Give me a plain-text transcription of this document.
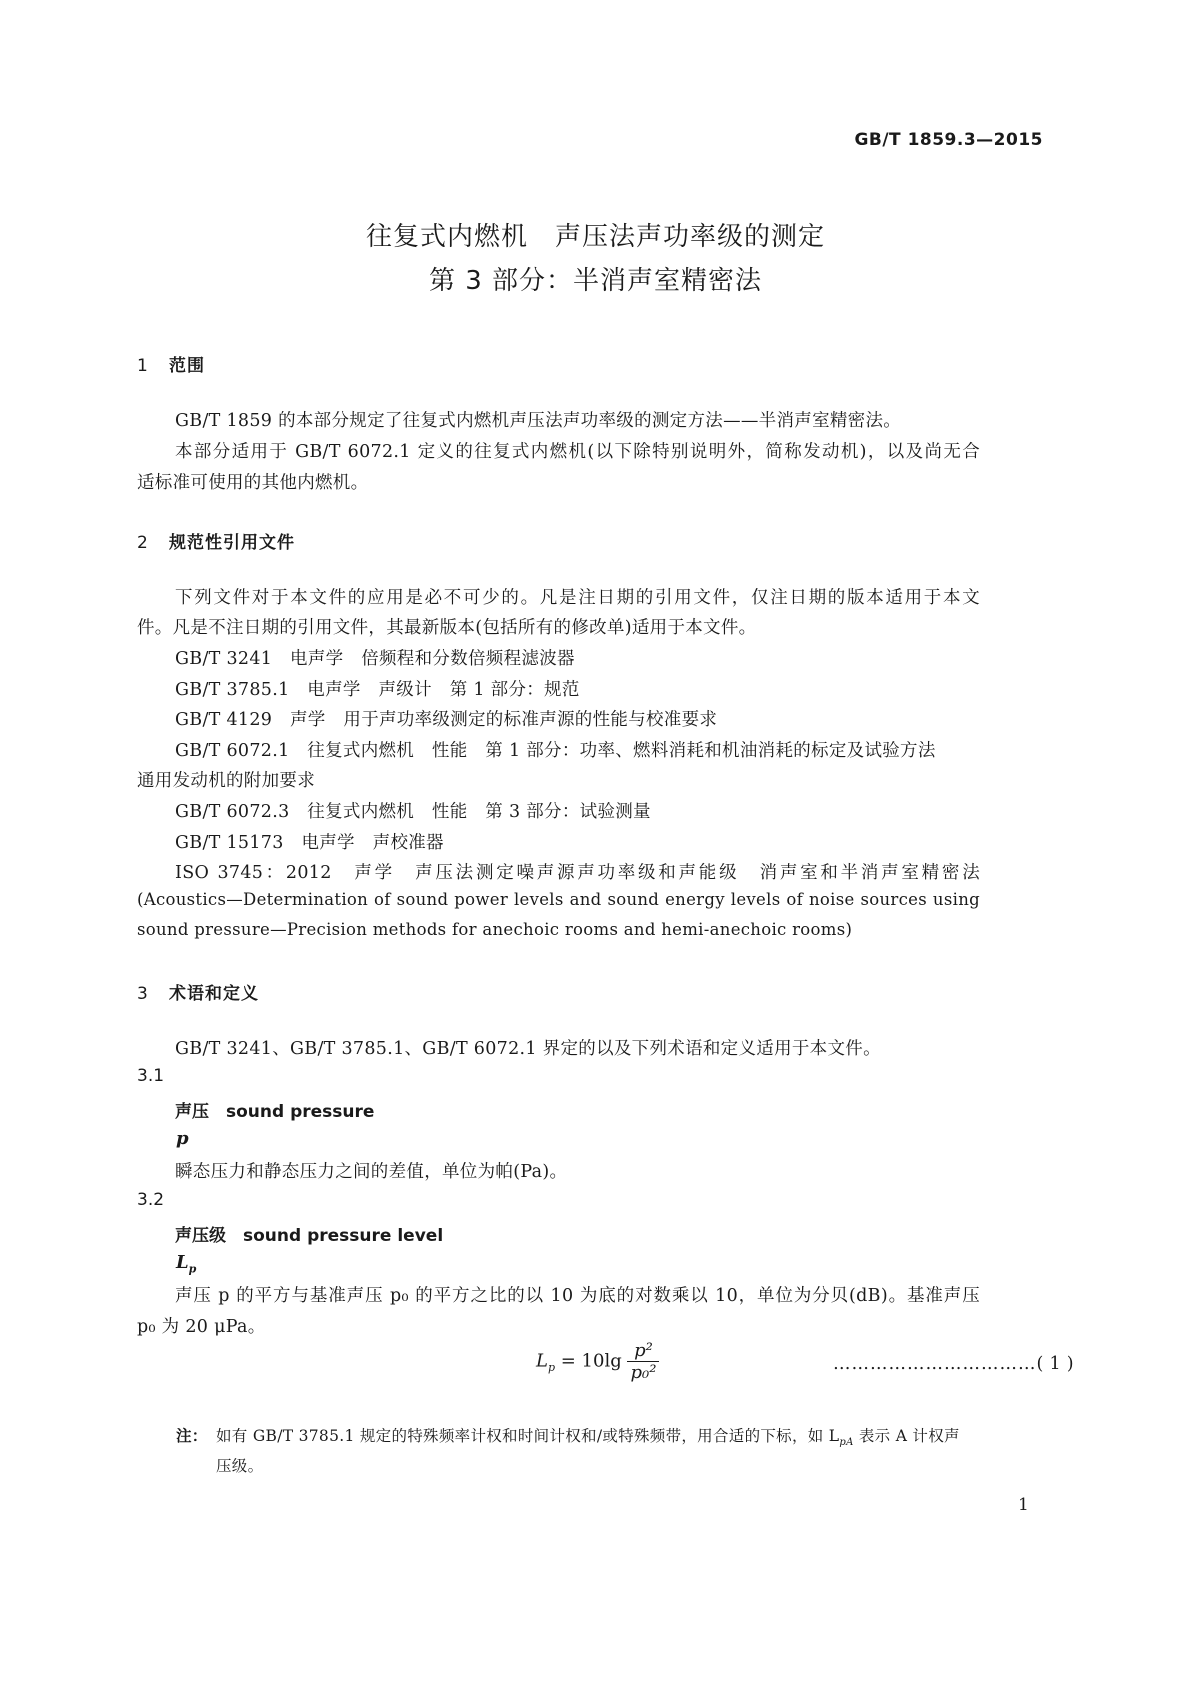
GB/T 1859.3—2015
往复式内燃机　声压法声功率级的测定
第 3 部分：半消声室精密法
1 范围
GB/T 1859 的本部分规定了往复式内燃机声压法声功率级的测定方法——半消声室精密法。
本部分适用于 GB/T 6072.1 定义的往复式内燃机(以下除特别说明外，简称发动机)，以及尚无合
适标准可使用的其他内燃机。
2 规范性引用文件
下列文件对于本文件的应用是必不可少的。凡是注日期的引用文件，仅注日期的版本适用于本文
件。凡是不注日期的引用文件，其最新版本(包括所有的修改单)适用于本文件。
GB/T 3241　电声学　倍频程和分数倍频程滤波器
GB/T 3785.1　电声学　声级计　第 1 部分：规范
GB/T 4129　声学　用于声功率级测定的标准声源的性能与校准要求
GB/T 6072.1　往复式内燃机　性能　第 1 部分：功率、燃料消耗和机油消耗的标定及试验方法
通用发动机的附加要求
GB/T 6072.3　往复式内燃机　性能　第 3 部分：试验测量
GB/T 15173　电声学　声校准器
ISO 3745：2012　声学　声压法测定噪声源声功率级和声能级　消声室和半消声室精密法
(Acoustics—Determination of sound power levels and sound energy levels of noise sources using
sound pressure—Precision methods for anechoic rooms and hemi-anechoic rooms)
3 术语和定义
GB/T 3241、GB/T 3785.1、GB/T 6072.1 界定的以及下列术语和定义适用于本文件。
3.1
声压　sound pressure
p
瞬态压力和静态压力之间的差值，单位为帕(Pa)。
3.2
声压级　sound pressure level
$L_p$
声压 p 的平方与基准声压 p₀ 的平方之比的以 10 为底的对数乘以 10，单位为分贝(dB)。基准声压
p₀ 为 20 μPa。
$L_p = 10\lg \frac{\text{p²}}{\text{p₀²}}$	……………………………( 1 )
注： 如有 GB/T 3785.1 规定的特殊频率计权和时间计权和/或特殊频带，用合适的下标，如 $L_{pA}$ 表示 A 计权声
压级。
1
